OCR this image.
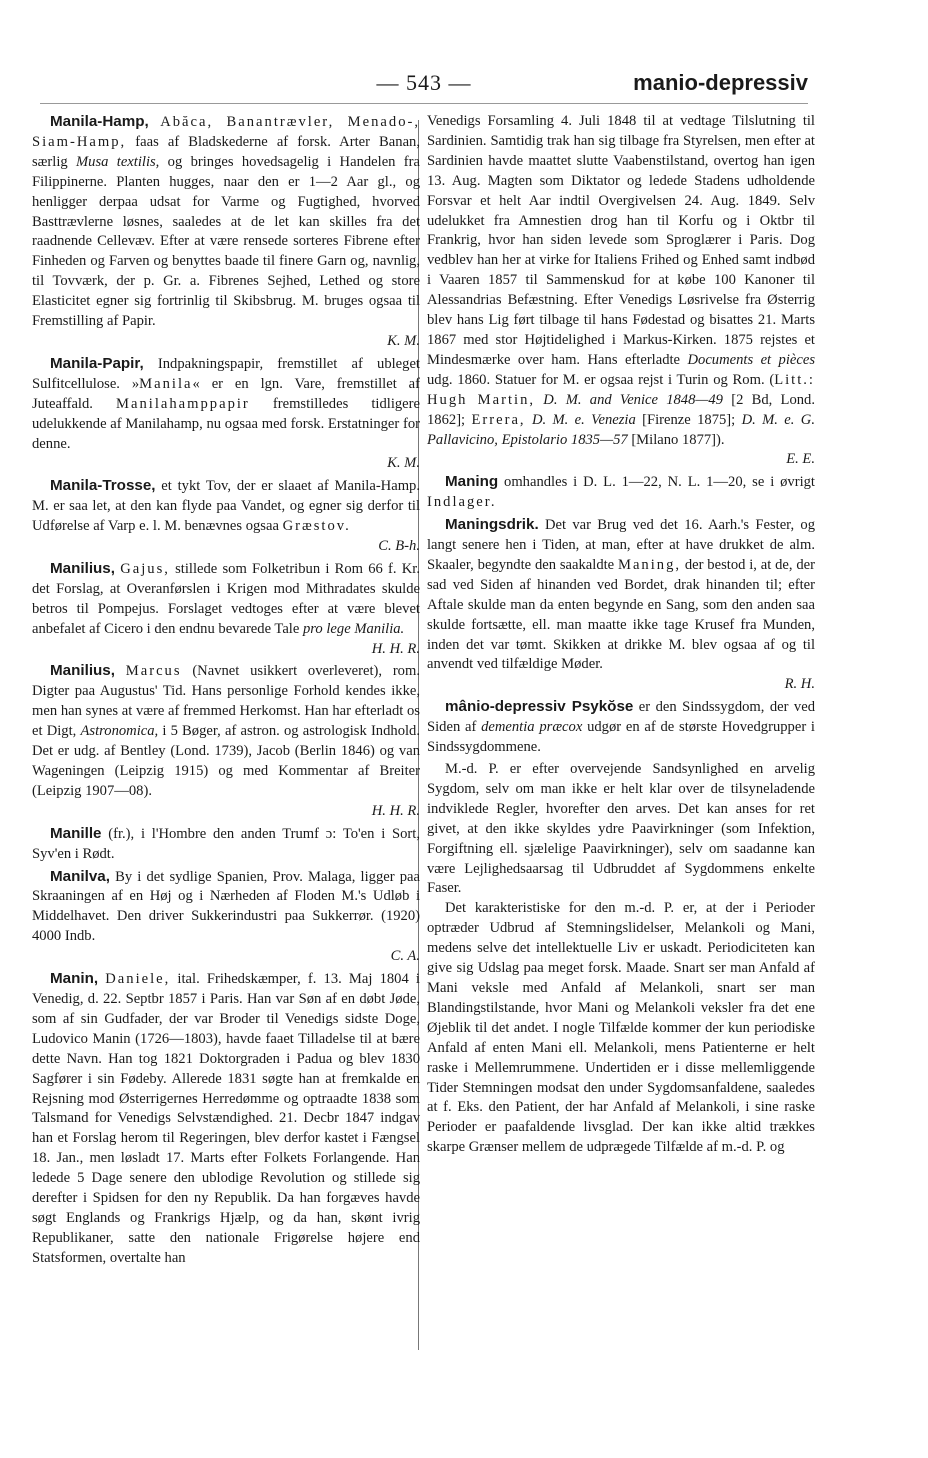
— 543 —	manio-depressiv

Manila-Hamp, Abăca, Banantrævler, Menado-, Siam-Hamp, faas af Bladskederne af forsk. Arter Banan, særlig Musa textilis, og bringes hovedsagelig i Handelen fra Filippinerne. Planten hugges, naar den er 1—2 Aar gl., og henligger derpaa udsat for Varme og Fugtighed, hvorved Basttrævlerne løsnes, saaledes at de let kan skilles fra det raadnende Cellevæv. Efter at være rensede sorteres Fibrene efter Finheden og Farven og benyttes baade til finere Garn og, navnlig, til Tovværk, der p. Gr. a. Fibrenes Sejhed, Lethed og store Elasticitet egner sig fortrinlig til Skibsbrug. M. bruges ogsaa til Fremstilling af Papir.
K. M.

Manila-Papir, Indpakningspapir, fremstillet af ubleget Sulfitcellulose. »Manila« er en lgn. Vare, fremstillet af Juteaffald. Manilahamppapir fremstilledes tidligere udelukkende af Manilahamp, nu ogsaa med forsk. Erstatninger for denne.
K. M.

Manila-Trosse, et tykt Tov, der er slaaet af Manila-Hamp. M. er saa let, at den kan flyde paa Vandet, og egner sig derfor til Udførelse af Varp e. l. M. benævnes ogsaa Græstov.
C. B-h.

Manilius, Gajus, stillede som Folketribun i Rom 66 f. Kr. det Forslag, at Overanførslen i Krigen mod Mithradates skulde betros til Pompejus. Forslaget vedtoges efter at være blevet anbefalet af Cicero i den endnu bevarede Tale pro lege Manilia.
H. H. R.

Manilius, Marcus (Navnet usikkert overleveret), rom. Digter paa Augustus' Tid. Hans personlige Forhold kendes ikke, men han synes at være af fremmed Herkomst. Han har efterladt os et Digt, Astronomica, i 5 Bøger, af astron. og astrologisk Indhold. Det er udg. af Bentley (Lond. 1739), Jacob (Berlin 1846) og van Wageningen (Leipzig 1915) og med Kommentar af Breiter (Leipzig 1907—08).
H. H. R.

Manille (fr.), i l'Hombre den anden Trumf ɔ: To'en i Sort, Syv'en i Rødt.

Manilva, By i det sydlige Spanien, Prov. Malaga, ligger paa Skraaningen af en Høj og i Nærheden af Floden M.'s Udløb i Middelhavet. Den driver Sukkerindustri paa Sukkerrør. (1920) 4000 Indb.
C. A.

Manin, Daniele, ital. Frihedskæmper, f. 13. Maj 1804 i Venedig, d. 22. Septbr 1857 i Paris. Han var Søn af en døbt Jøde, som af sin Gudfader, der var Broder til Venedigs sidste Doge, Ludovico Manin (1726—1803), havde faaet Tilladelse til at bære dette Navn. Han tog 1821 Doktorgraden i Padua og blev 1830 Sagfører i sin Fødeby. Allerede 1831 søgte han at fremkalde en Rejsning mod Østerrigernes Herredømme og optraadte 1838 som Talsmand for Venedigs Selvstændighed. 21. Decbr 1847 indgav han et Forslag herom til Regeringen, blev derfor kastet i Fængsel 18. Jan., men løsladt 17. Marts efter Folkets Forlangende. Han ledede 5 Dage senere den ublodige Revolution og stillede sig derefter i Spidsen for den ny Republik. Da han forgæves havde søgt Englands og Frankrigs Hjælp, og da han, skønt ivrig Republikaner, satte den nationale Frigørelse højere end Statsformen, overtalte han

Venedigs Forsamling 4. Juli 1848 til at vedtage Tilslutning til Sardinien. Samtidig trak han sig tilbage fra Styrelsen, men efter at Sardinien havde maattet slutte Vaabenstilstand, overtog han igen 13. Aug. Magten som Diktator og ledede Stadens udholdende Forsvar et helt Aar indtil Overgivelsen 24. Aug. 1849. Selv udelukket fra Amnestien drog han til Korfu og i Oktbr til Frankrig, hvor han siden levede som Sproglærer i Paris. Dog vedblev han her at virke for Italiens Frihed og Enhed samt indbød i Vaaren 1857 til Sammenskud for at købe 100 Kanoner til Alessandrias Befæstning. Efter Venedigs Løsrivelse fra Østerrig blev hans Lig ført tilbage til hans Fødestad og bisattes 21. Marts 1867 med stor Højtidelighed i Markus-Kirken. 1875 rejstes et Mindesmærke over ham. Hans efterladte Documents et pièces udg. 1860. Statuer for M. er ogsaa rejst i Turin og Rom. (Litt.: Hugh Martin, D. M. and Venice 1848—49 [2 Bd, Lond. 1862]; Errera, D. M. e. Venezia [Firenze 1875]; D. M. e. G. Pallavicino, Epistolario 1835—57 [Milano 1877]).
E. E.

Maning omhandles i D. L. 1—22, N. L. 1—20, se i øvrigt Indlager.

Maningsdrik. Det var Brug ved det 16. Aarh.'s Fester, og langt senere hen i Tiden, at man, efter at have drukket de alm. Skaaler, begyndte den saakaldte Maning, der bestod i, at de, der sad ved Siden af hinanden ved Bordet, drak hinanden til; efter Aftale skulde man da enten begynde en Sang, som den anden saa skulde fortsætte, ell. man maatte ikke tage Krusef fra Munden, inden det var tømt. Skikken at drikke M. blev ogsaa af og til anvendt ved tilfældige Møder.
R. H.

mânio-depressiv Psykŏse er den Sindssygdom, der ved Siden af dementia præcox udgør en af de største Hovedgrupper i Sindssygdommene.

M.-d. P. er efter overvejende Sandsynlighed en arvelig Sygdom, selv om man ikke er helt klar over de tilsyneladende indviklede Regler, hvorefter den arves. Det kan anses for ret givet, at den ikke skyldes ydre Paavirkninger (som Infektion, Forgiftning ell. sjælelige Paavirkninger), selv om saadanne kan være Lejlighedsaarsag til Udbruddet af Sygdommens enkelte Faser.

Det karakteristiske for den m.-d. P. er, at der i Perioder optræder Udbrud af Stemningslidelser, Melankoli og Mani, medens selve det intellektuelle Liv er uskadt. Periodiciteten kan give sig Udslag paa meget forsk. Maade. Snart ser man Anfald af Mani veksle med Anfald af Melankoli, snart ser man Blandingstilstande, hvor Mani og Melankoli veksler fra det ene Øjeblik til det andet. I nogle Tilfælde kommer der kun periodiske Anfald af enten Mani ell. Melankoli, mens Patienterne er helt raske i Mellemrummene. Undertiden er i disse mellemliggende Tider Stemningen modsat den under Sygdomsanfaldene, saaledes at f. Eks. den Patient, der har Anfald af Melankoli, i sine raske Perioder er paafaldende livsglad. Der kan ikke altid trækkes skarpe Grænser mellem de udprægede Tilfælde af m.-d. P. og
